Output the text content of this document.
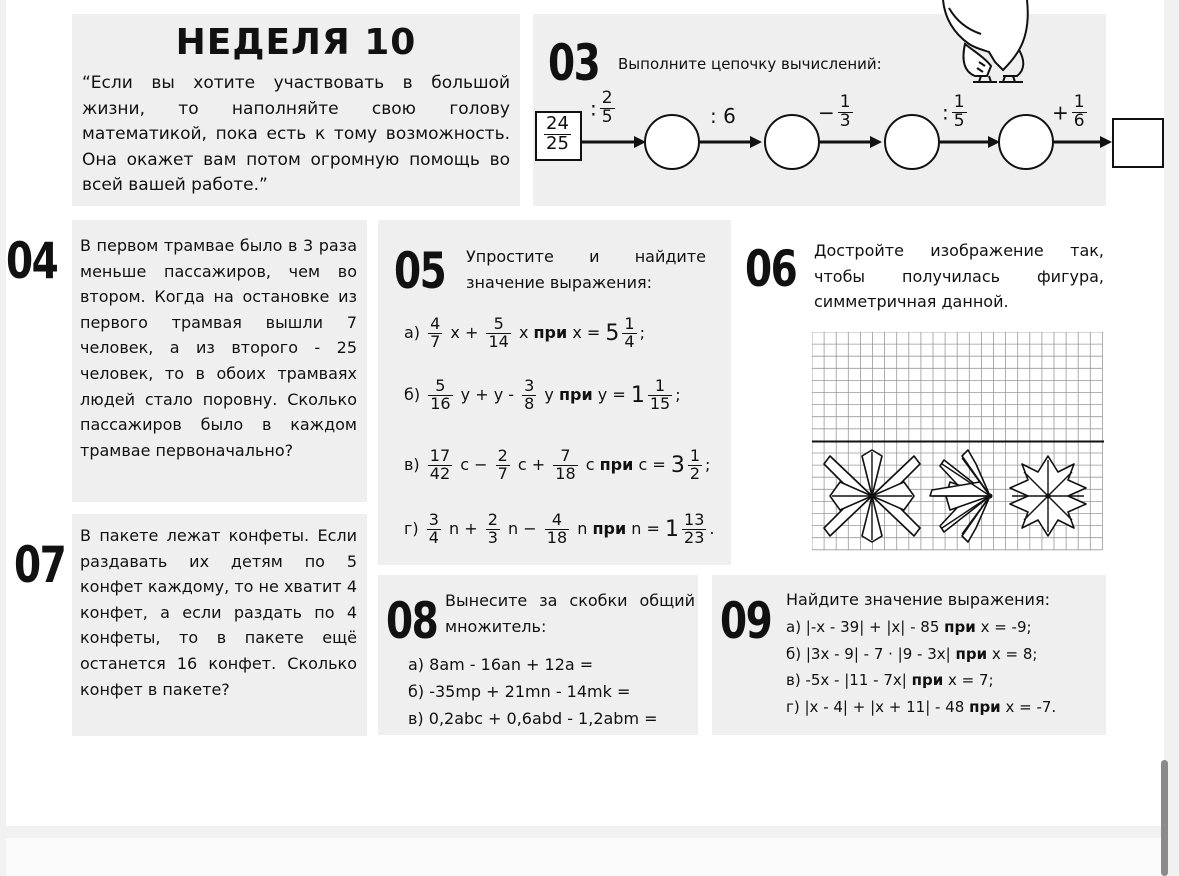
НЕДЕЛЯ 10
“Если вы хотите участвовать в большой жизни, то наполняйте свою голову математикой, пока есть к тому возможность. Она окажет вам потом огромную помощь во всей вашей работе.”
03 Выполните цепочку вычислений:
$\frac{24}{25}$
: $\frac{2}{5}$	: 6	− $\frac{1}{3}$	: $\frac{1}{5}$	+ $\frac{1}{6}$
04 В первом трамвае было в 3 раза меньше пассажиров, чем во втором. Когда на остановке из первого трамвая вышли 7 человек, а из второго - 25 человек, то в обоих трамваях людей стало поровну. Сколько пассажиров было в каждом трамвае первоначально?
07
В пакете лежат конфеты. Если раздавать их детям по 5 конфет каждому, то не хватит 4 конфет, а если раздать по 4 конфеты, то в пакете ещё останется 16 конфет. Сколько конфет в пакете?
05 Упростите и найдите значение выражения:
$а) \frac{4}{7}$ $x + \frac{5}{14}$ x при $x = 5 \frac{1}{4}$ ;
$б) \frac{5}{16}$ $y + y - \frac{3}{8}$ y при $y = 1 \frac{1}{15}$ ;
$в) \frac{17}{42}$ $c - \frac{2}{7}$ $c + \frac{7}{18}$ c при $c = 3 \frac{1}{2}$ ;
$г) \frac{3}{4}$ $n + \frac{2}{3}$ $n - \frac{4}{18}$ n при $n = 1 \frac{13}{23}$ .
06 Достройте изображение так, чтобы получилась фигура, симметричная данной.
08 Вынесите за скобки общий множитель:
а) 8am - 16an + 12a =
б) -35mp + 21mn - 14mk =
в) 0,2abc + 0,6abd - 1,2abm =
09 Найдите значение выражения:
а) |-x - 39| + |x| - 85 при x = -9;
б) |3x - 9| - 7 · |9 - 3x| при x = 8;
в) -5x - |11 - 7x| при x = 7;
г) |x - 4| + |x + 11| - 48 при x = -7.
